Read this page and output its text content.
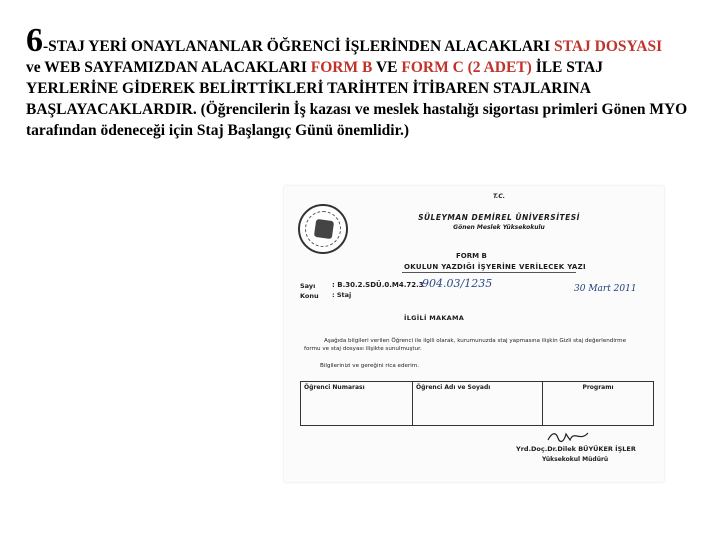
6-STAJ YERİ ONAYLANANLAR ÖĞRENCİ İŞLERİNDEN ALACAKLARI STAJ DOSYASI
ve WEB SAYFAMIZDAN ALACAKLARI FORM B VE FORM C (2 ADET) İLE STAJ YERLERİNE GİDEREK BELİRTTİKLERİ TARİHTEN İTİBAREN STAJLARINA BAŞLAYACAKLARDIR. (Öğrencilerin İş kazası ve meslek hastalığı sigortası primleri Gönen MYO tarafından ödeneceği için Staj Başlangıç Günü önemlidir.)
T.C.
SÜLEYMAN DEMİREL ÜNİVERSİTESİ
Gönen Meslek Yüksekokulu
FORM B
OKULUN YAZDIĞI İŞYERİNE VERİLECEK YAZI
Sayı : B.30.2.SDÜ.0.M4.72.3
904.03/1235
Konu : Staj
30 Mart 2011
İLGİLİ MAKAMA
Aşağıda bilgileri verilen Öğrenci ile ilgili olarak, kurumunuzda staj yapmasına ilişkin Gizli staj değerlendirme formu ve staj dosyası ilişikte sunulmuştur.
Bilgilerinizi ve gereğini rica ederim.
Öğrenci Numarası	Öğrenci Adı ve Soyadı	Programı
Yrd.Doç.Dr.Dilek BÜYÜKER İŞLER
Yüksekokul Müdürü
